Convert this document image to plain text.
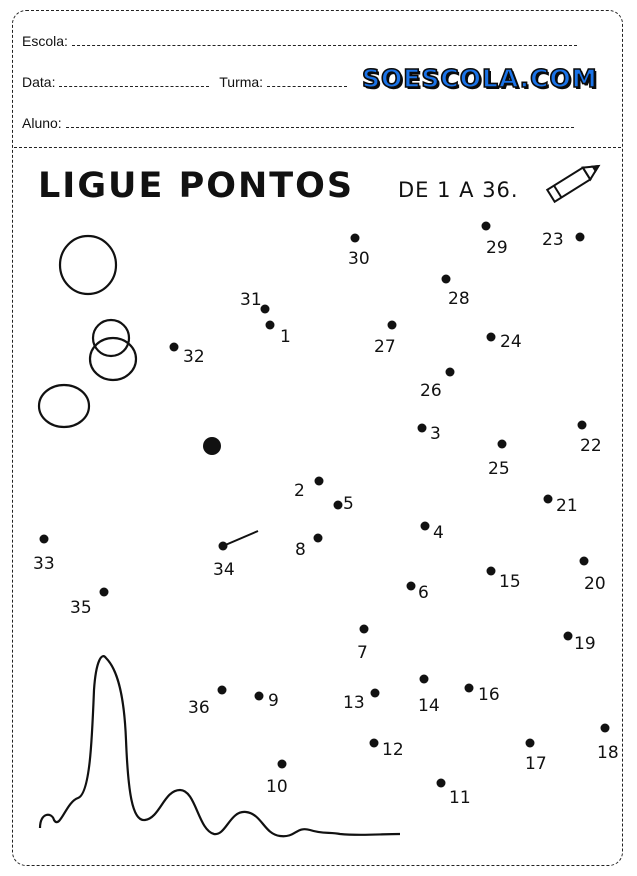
Escola:
Data:	Turma:	SOESCOLA.COM
Aluno:
LIGUE PONTOS DE 1 A 36.
1
2
3
4
5
6
7
8
9
10
11
12
13	14
15
16
17
18
19
20
21
22
23
24
25
26
27
28
29
30
31
32
33	34
35
36
